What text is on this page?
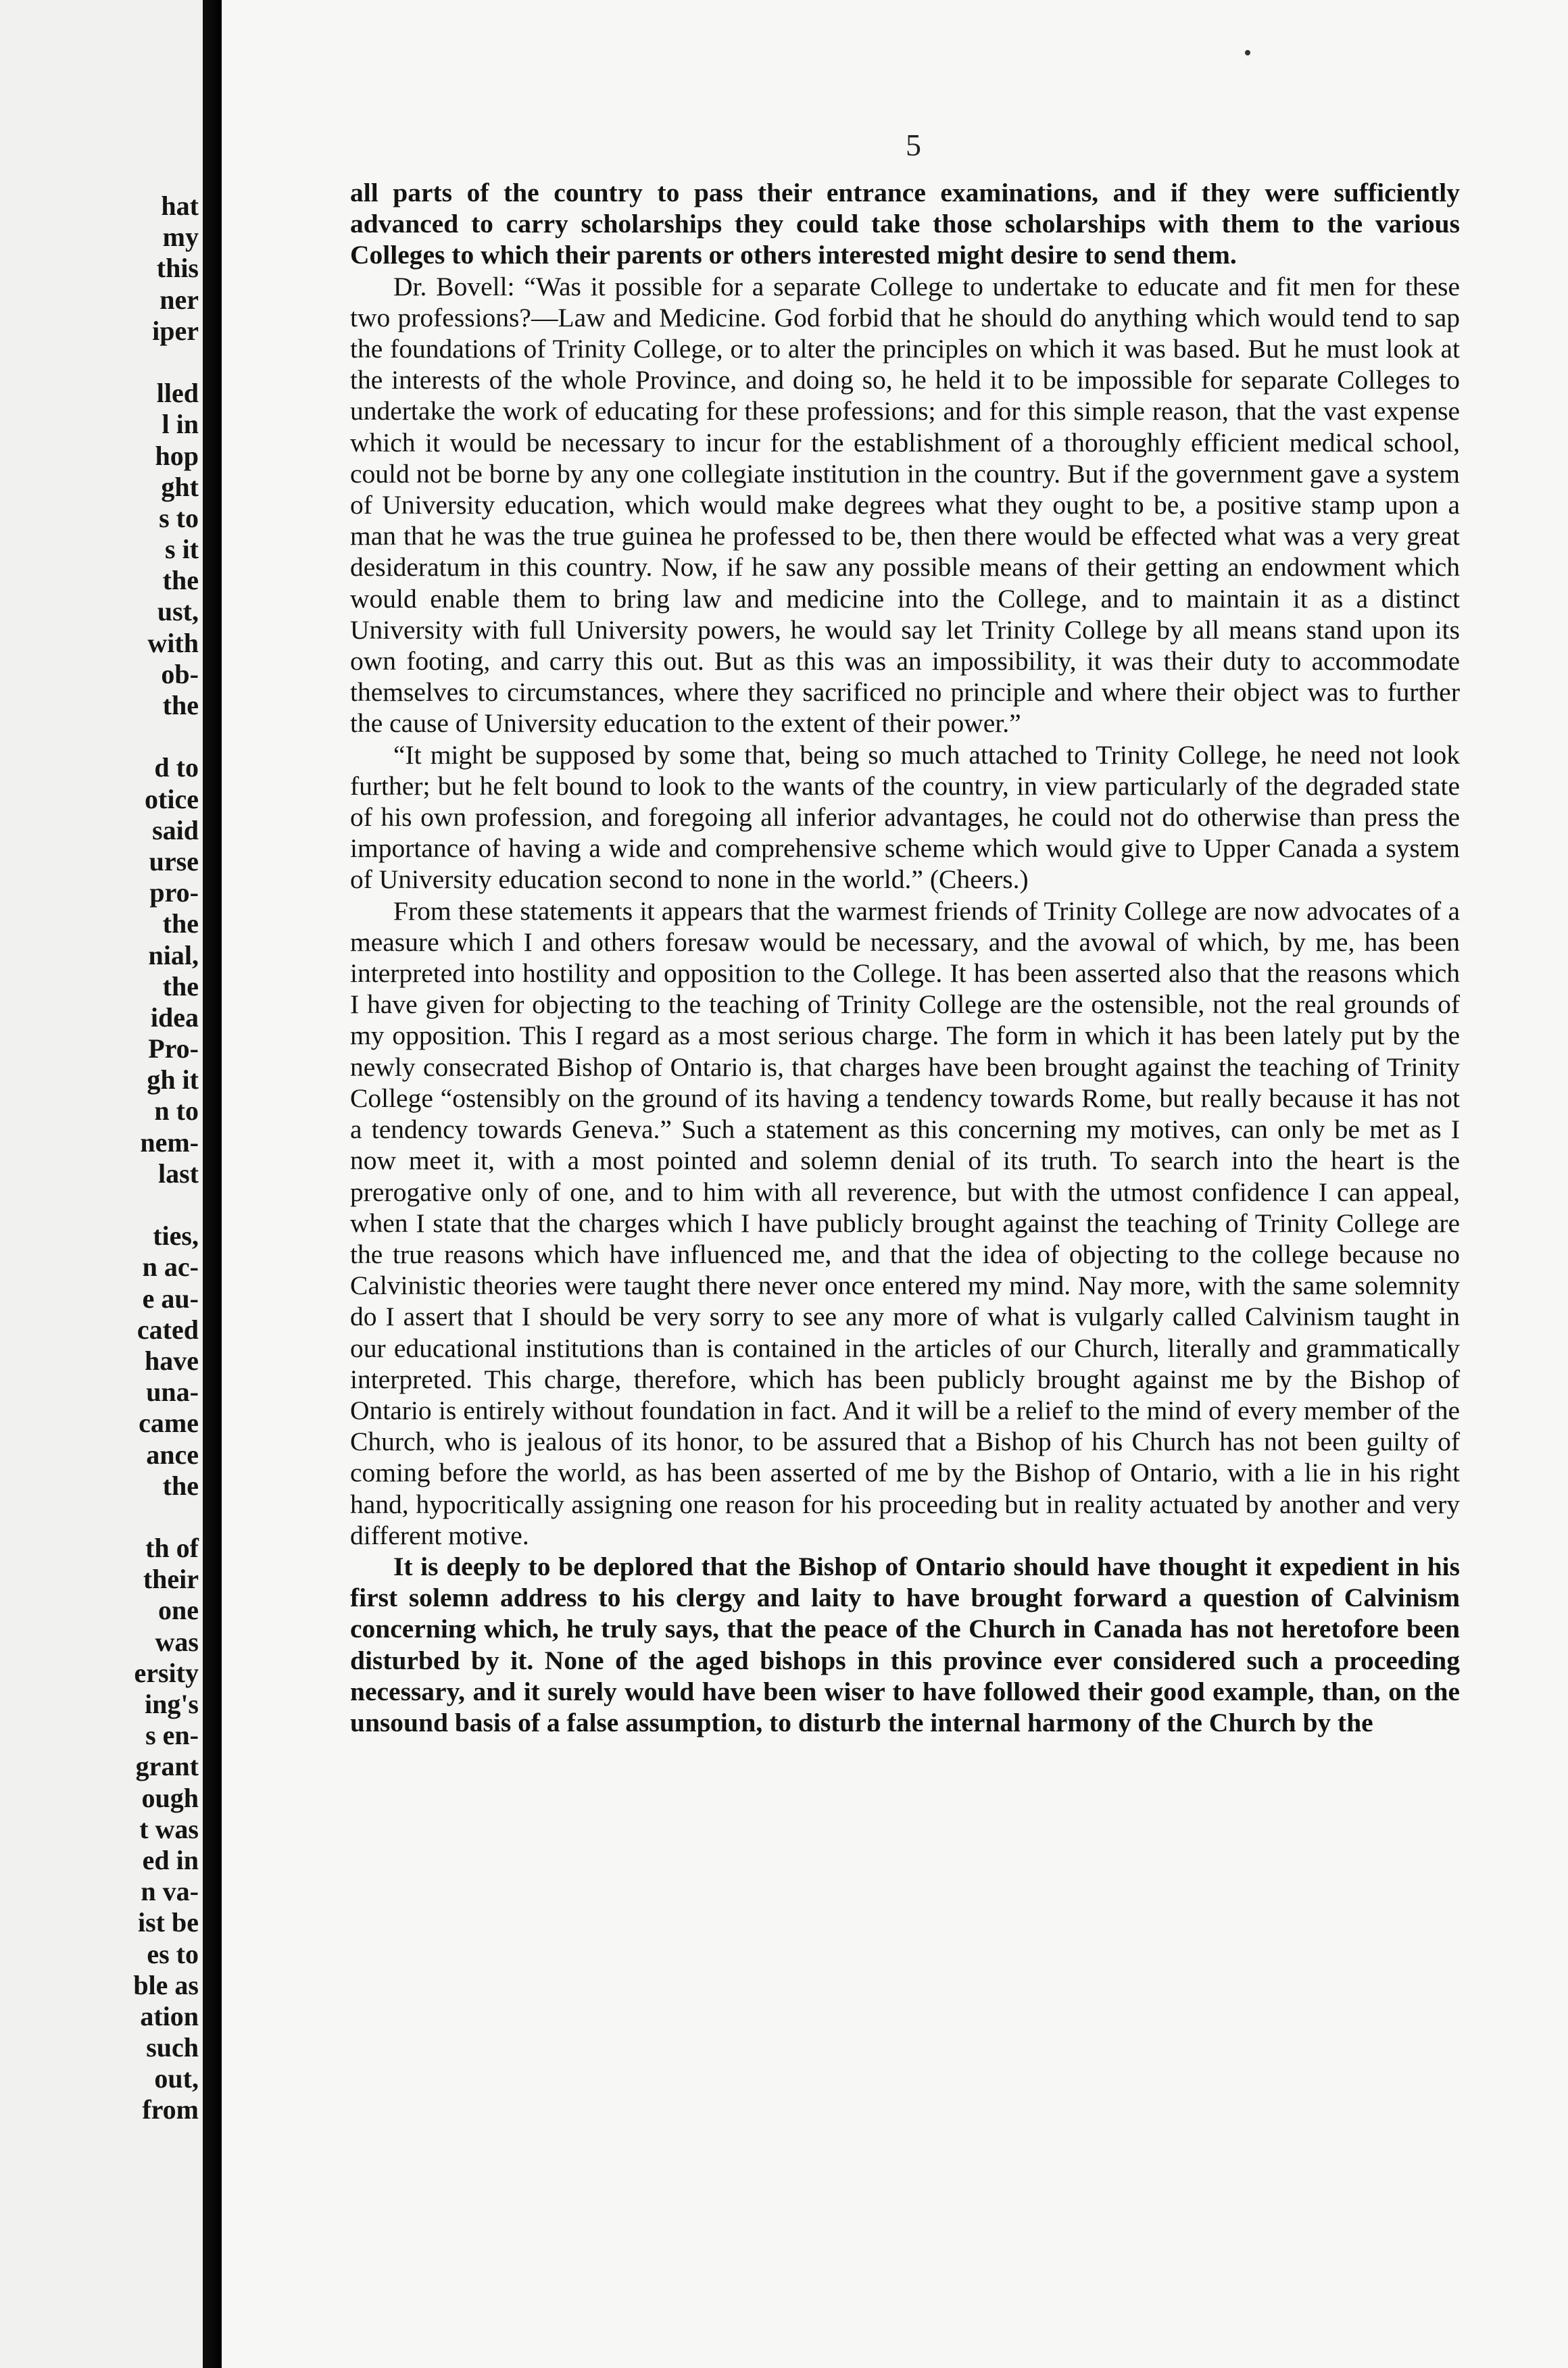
hat
my
this
ner
iper
lled
l in
hop
ght
s to
s it
the
ust,
with
ob-
the
d to
otice
said
urse
pro-
the
nial,
the
idea
Pro-
gh it
n to
nem-
last
ties,
n ac-
e au-
cated
have
una-
came
ance
the
th of
their
one
was
ersity
ing's
s en-
grant
ough
t was
ed in
n va-
ist be
es to
ble as
ation
such
out,
from
5

all parts of the country to pass their entrance examinations, and if they were sufficiently advanced to carry scholarships they could take those scholarships with them to the various Colleges to which their parents or others interested might desire to send them.

Dr. Bovell: “Was it possible for a separate College to undertake to educate and fit men for these two professions?—Law and Medicine. God forbid that he should do anything which would tend to sap the foundations of Trinity College, or to alter the principles on which it was based. But he must look at the interests of the whole Province, and doing so, he held it to be impossible for separate Colleges to undertake the work of educating for these professions; and for this simple reason, that the vast expense which it would be necessary to incur for the establishment of a thoroughly efficient medical school, could not be borne by any one collegiate institution in the country. But if the government gave a system of University education, which would make degrees what they ought to be, a positive stamp upon a man that he was the true guinea he professed to be, then there would be effected what was a very great desideratum in this country. Now, if he saw any possible means of their getting an endowment which would enable them to bring law and medicine into the College, and to maintain it as a distinct University with full University powers, he would say let Trinity College by all means stand upon its own footing, and carry this out. But as this was an impossibility, it was their duty to accommodate themselves to circumstances, where they sacrificed no principle and where their object was to further the cause of University education to the extent of their power.”

“It might be supposed by some that, being so much attached to Trinity College, he need not look further; but he felt bound to look to the wants of the country, in view particularly of the degraded state of his own profession, and foregoing all inferior advantages, he could not do otherwise than press the importance of having a wide and comprehensive scheme which would give to Upper Canada a system of University education second to none in the world.” (Cheers.)

From these statements it appears that the warmest friends of Trinity College are now advocates of a measure which I and others foresaw would be necessary, and the avowal of which, by me, has been interpreted into hostility and opposition to the College. It has been asserted also that the reasons which I have given for objecting to the teaching of Trinity College are the ostensible, not the real grounds of my opposition. This I regard as a most serious charge. The form in which it has been lately put by the newly consecrated Bishop of Ontario is, that charges have been brought against the teaching of Trinity College “ostensibly on the ground of its having a tendency towards Rome, but really because it has not a tendency towards Geneva.” Such a statement as this concerning my motives, can only be met as I now meet it, with a most pointed and solemn denial of its truth. To search into the heart is the prerogative only of one, and to him with all reverence, but with the utmost confidence I can appeal, when I state that the charges which I have publicly brought against the teaching of Trinity College are the true reasons which have influenced me, and that the idea of objecting to the college because no Calvinistic theories were taught there never once entered my mind. Nay more, with the same solemnity do I assert that I should be very sorry to see any more of what is vulgarly called Calvinism taught in our educational institutions than is contained in the articles of our Church, literally and grammatically interpreted. This charge, therefore, which has been publicly brought against me by the Bishop of Ontario is entirely without foundation in fact. And it will be a relief to the mind of every member of the Church, who is jealous of its honor, to be assured that a Bishop of his Church has not been guilty of coming before the world, as has been asserted of me by the Bishop of Ontario, with a lie in his right hand, hypocritically assigning one reason for his proceeding but in reality actuated by another and very different motive.

It is deeply to be deplored that the Bishop of Ontario should have thought it expedient in his first solemn address to his clergy and laity to have brought forward a question of Calvinism concerning which, he truly says, that the peace of the Church in Canada has not heretofore been disturbed by it. None of the aged bishops in this province ever considered such a proceeding necessary, and it surely would have been wiser to have followed their good example, than, on the unsound basis of a false assumption, to disturb the internal harmony of the Church by the
